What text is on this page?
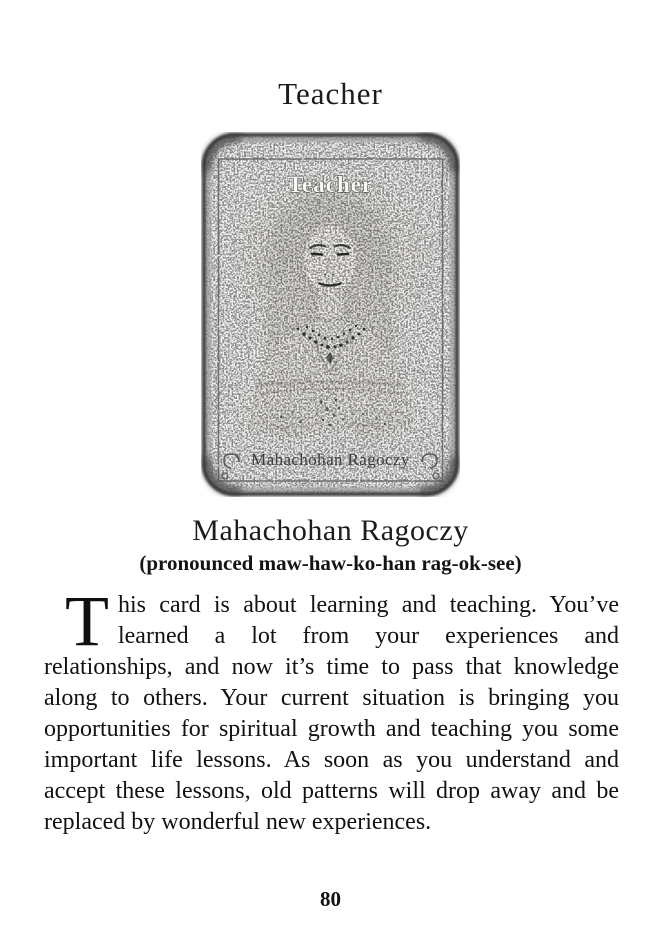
Teacher
Teacher
Mahachohan Ragoczy
Mahachohan Ragoczy
(pronounced maw-haw-ko-han rag-ok-see)

This card is about learning and teaching. You’ve learned a lot from your experiences and relationships, and now it’s time to pass that knowledge along to others. Your current situation is bringing you opportunities for spiritual growth and teaching you some important life lessons. As soon as you understand and accept these lessons, old patterns will drop away and be replaced by wonderful new experiences.

80
